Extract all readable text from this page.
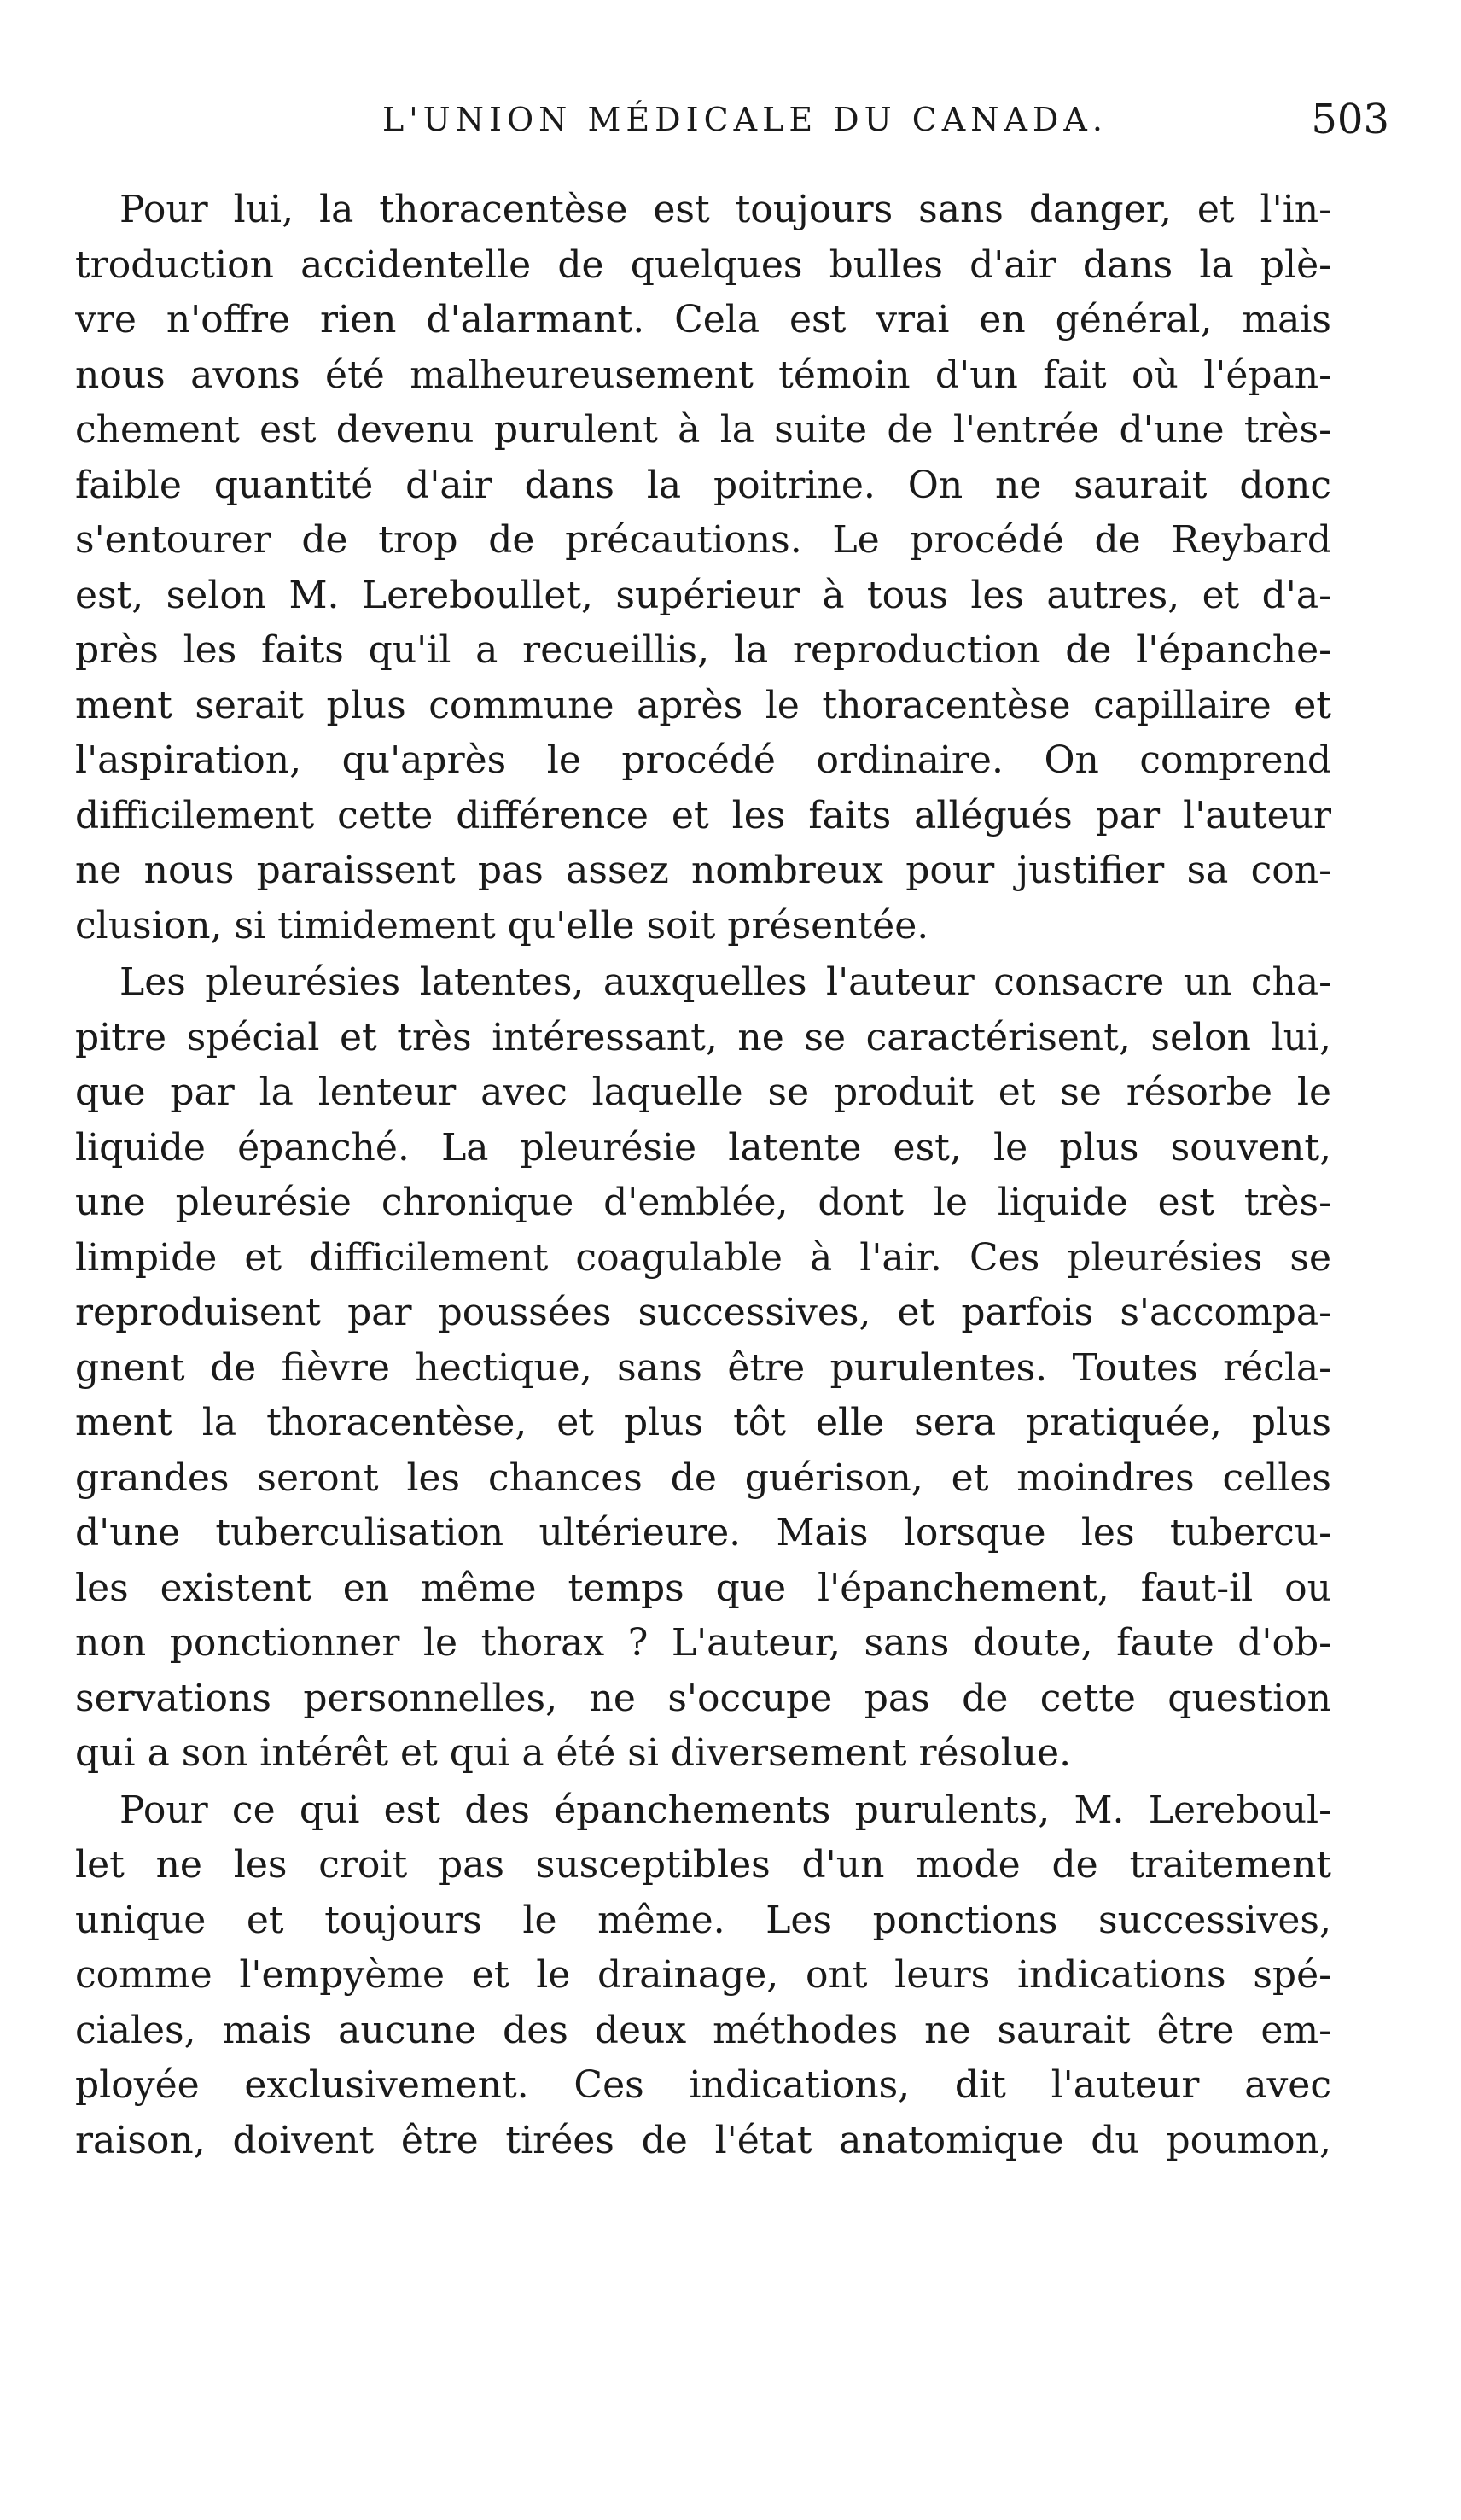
L'UNION MÉDICALE DU CANADA.	503
Pour lui, la thoracentèse est toujours sans danger, et l'in-
troduction accidentelle de quelques bulles d'air dans la plè-
vre n'offre rien d'alarmant. Cela est vrai en général, mais
nous avons été malheureusement témoin d'un fait où l'épan-
chement est devenu purulent à la suite de l'entrée d'une très-
faible quantité d'air dans la poitrine. On ne saurait donc
s'entourer de trop de précautions. Le procédé de Reybard
est, selon M. Lereboullet, supérieur à tous les autres, et d'a-
près les faits qu'il a recueillis, la reproduction de l'épanche-
ment serait plus commune après le thoracentèse capillaire et
l'aspiration, qu'après le procédé ordinaire. On comprend
difficilement cette différence et les faits allégués par l'auteur
ne nous paraissent pas assez nombreux pour justifier sa con-
clusion, si timidement qu'elle soit présentée.
Les pleurésies latentes, auxquelles l'auteur consacre un cha-
pitre spécial et très intéressant, ne se caractérisent, selon lui,
que par la lenteur avec laquelle se produit et se résorbe le
liquide épanché. La pleurésie latente est, le plus souvent,
une pleurésie chronique d'emblée, dont le liquide est très-
limpide et difficilement coagulable à l'air. Ces pleurésies se
reproduisent par poussées successives, et parfois s'accompa-
gnent de fièvre hectique, sans être purulentes. Toutes récla-
ment la thoracentèse, et plus tôt elle sera pratiquée, plus
grandes seront les chances de guérison, et moindres celles
d'une tuberculisation ultérieure. Mais lorsque les tubercu-
les existent en même temps que l'épanchement, faut-il ou
non ponctionner le thorax ? L'auteur, sans doute, faute d'ob-
servations personnelles, ne s'occupe pas de cette question
qui a son intérêt et qui a été si diversement résolue.
Pour ce qui est des épanchements purulents, M. Lereboul-
let ne les croit pas susceptibles d'un mode de traitement
unique et toujours le même. Les ponctions successives,
comme l'empyème et le drainage, ont leurs indications spé-
ciales, mais aucune des deux méthodes ne saurait être em-
ployée exclusivement. Ces indications, dit l'auteur avec
raison, doivent être tirées de l'état anatomique du poumon,
